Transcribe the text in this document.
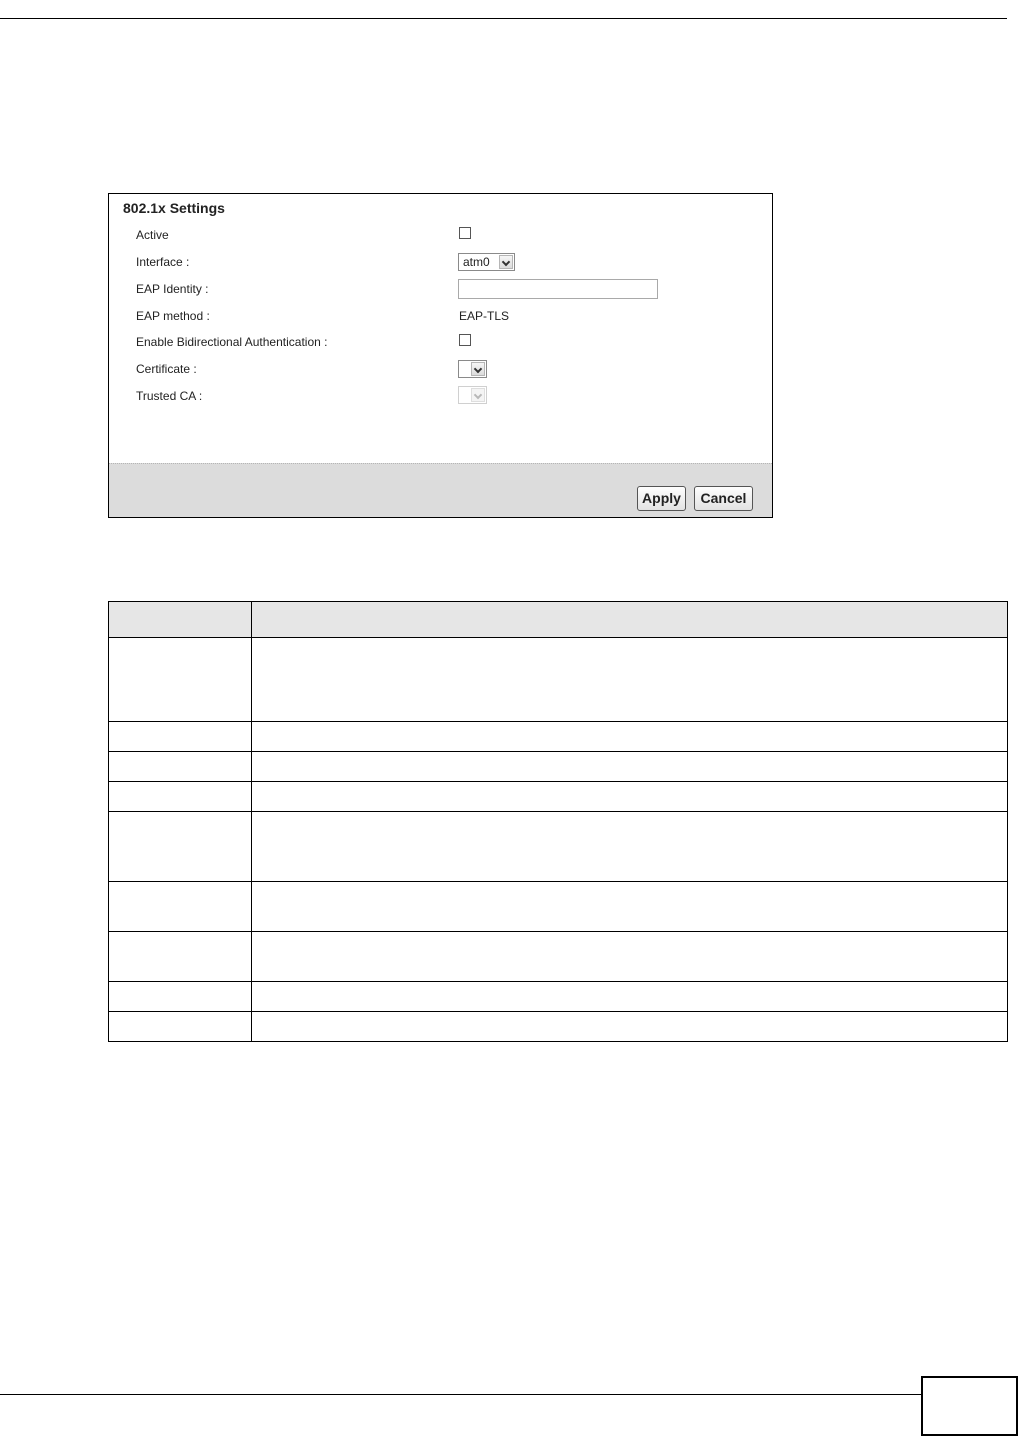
802.1x Settings
Active
Interface :	atm0
EAP Identity :
EAP method :	EAP-TLS
Enable Bidirectional Authentication :
Certificate :
Trusted CA :
Apply	Cancel
